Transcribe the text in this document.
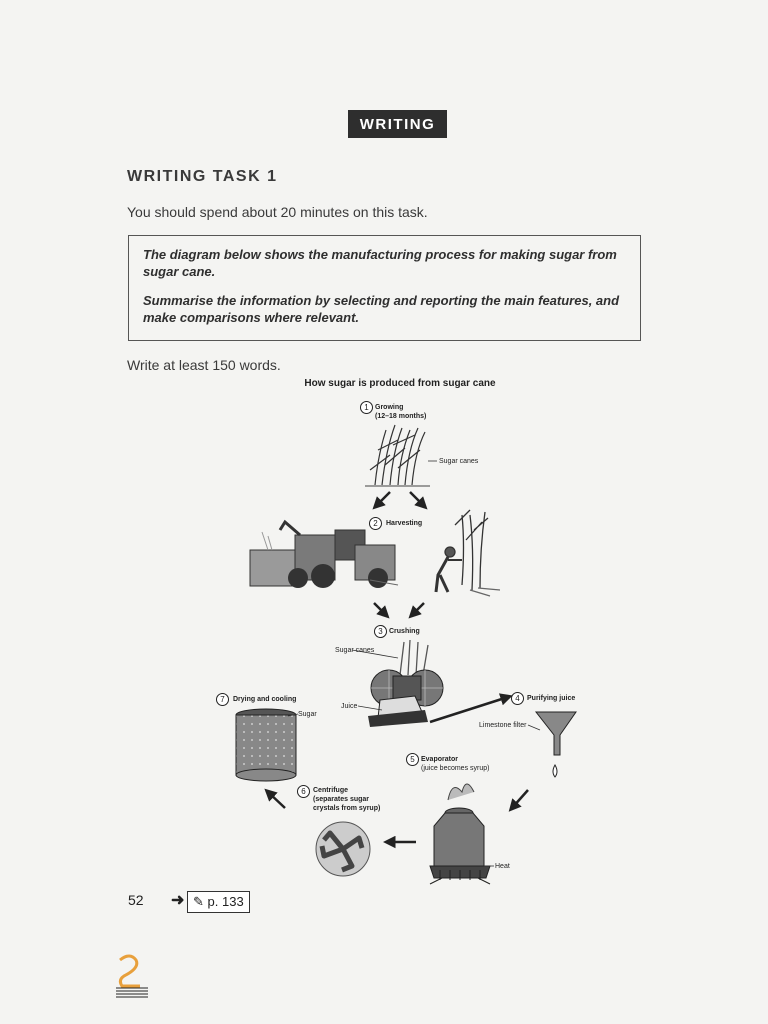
WRITING
WRITING TASK 1
You should spend about 20 minutes on this task.

The diagram below shows the manufacturing process for making sugar from sugar cane.

Summarise the information by selecting and reporting the main features, and make comparisons where relevant.

Write at least 150 words.
How sugar is produced from sugar cane
1 Growing
(12–18 months)
Sugar canes
2	Harvesting
3 Crushing
Sugar canes
Juice
4	Purifying juice
Limestone filter
5 Evaporator
(juice becomes syrup)
Heat
6	Centrifuge
(separates sugar
crystals from syrup)
7	Drying and cooling
Sugar
52 ➜ ✎ p. 133
